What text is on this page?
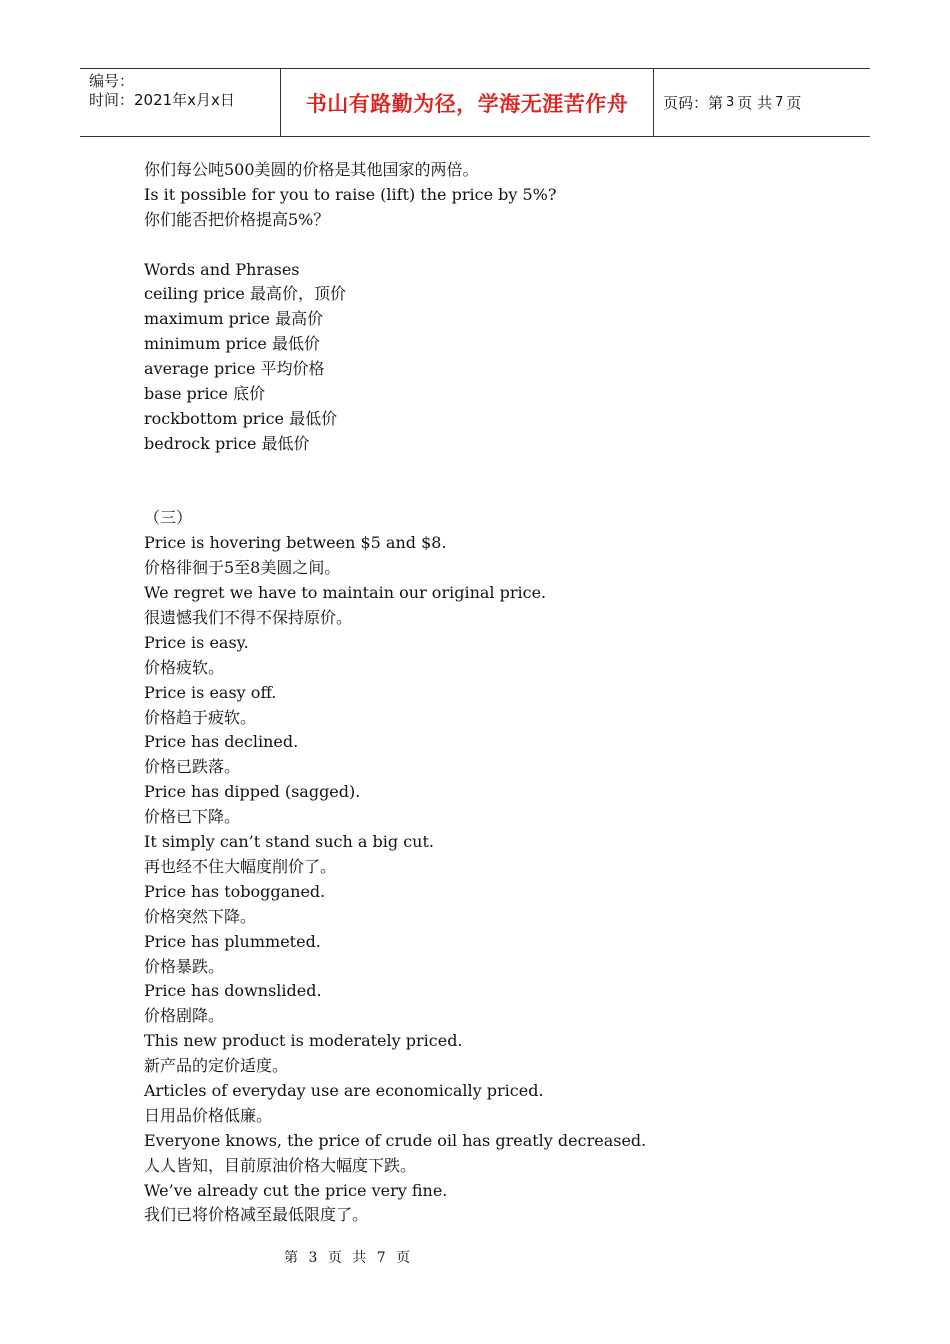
编号：
时间：2021年x月x日	书山有路勤为径，学海无涯苦作舟	页码：第 3 页 共 7 页
你们每公吨500美圆的价格是其他国家的两倍。
Is it possible for you to raise (lift) the price by 5%?
你们能否把价格提高5%？
Words and Phrases
ceiling price 最高价，顶价
maximum price 最高价
minimum price 最低价
average price 平均价格
base price 底价
rockbottom price 最低价
bedrock price 最低价
（三）
Price is hovering between $5 and $8.
价格徘徊于5至8美圆之间。
We regret we have to maintain our original price.
很遗憾我们不得不保持原价。
Price is easy.
价格疲软。
Price is easy off.
价格趋于疲软。
Price has declined.
价格已跌落。
Price has dipped (sagged).
价格已下降。
It simply can’t stand such a big cut.
再也经不住大幅度削价了。
Price has tobogganed.
价格突然下降。
Price has plummeted.
价格暴跌。
Price has downslided.
价格剧降。
This new product is moderately priced.
新产品的定价适度。
Articles of everyday use are economically priced.
日用品价格低廉。
Everyone knows, the price of crude oil has greatly decreased.
人人皆知，目前原油价格大幅度下跌。
We’ve already cut the price very fine.
我们已将价格减至最低限度了。
第 3 页 共 7 页
